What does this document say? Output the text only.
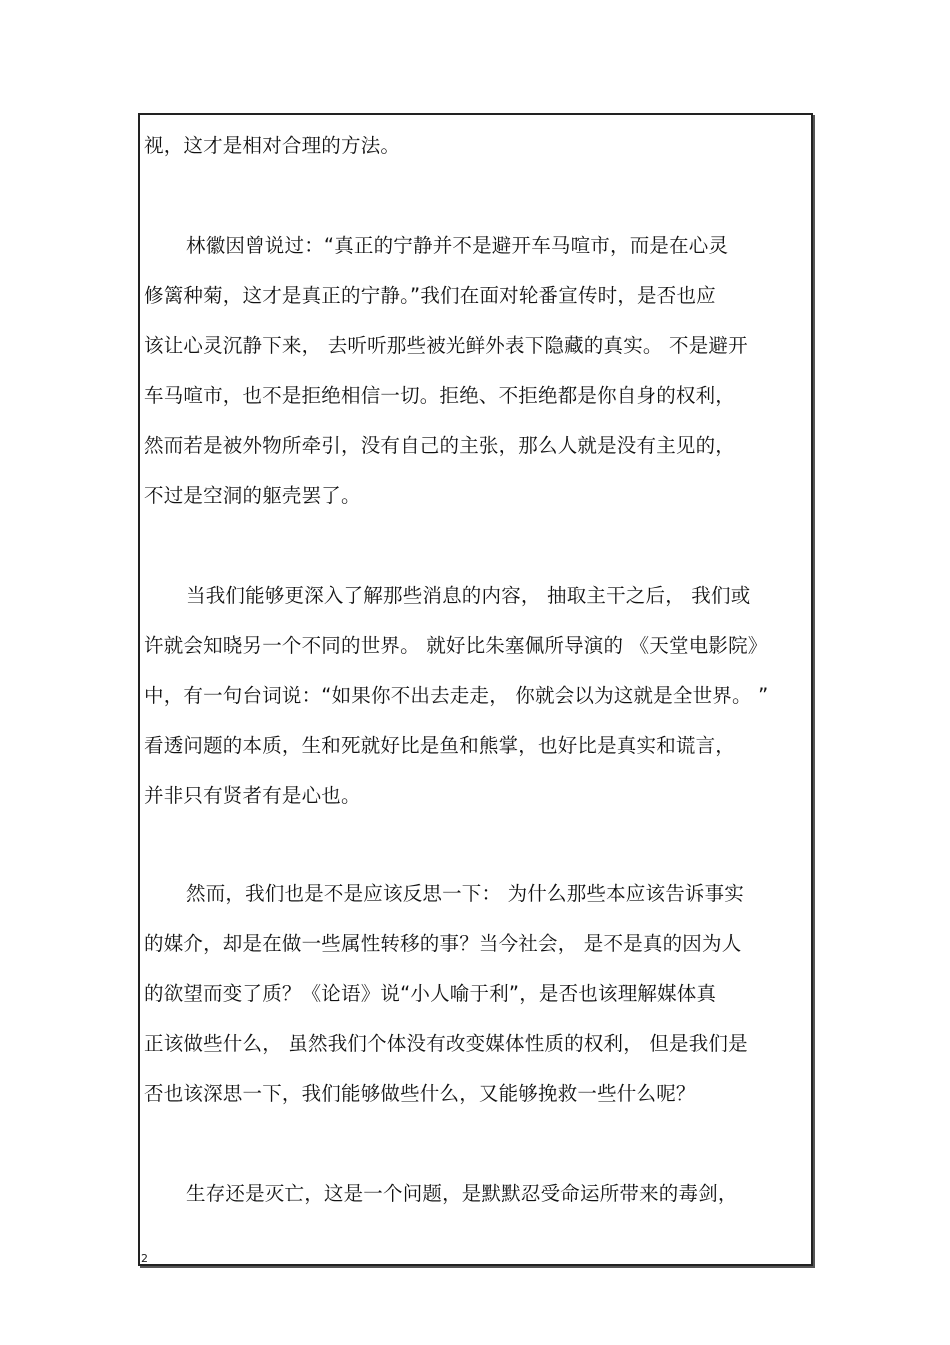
视，这才是相对合理的方法。
林徽因曾说过：“真正的宁静并不是避开车马喧市，而是在心灵
修篱种菊，这才是真正的宁静。”我们在面对轮番宣传时，是否也应
该让心灵沉静下来， 去听听那些被光鲜外表下隐藏的真实。 不是避开
车马喧市，也不是拒绝相信一切。拒绝、不拒绝都是你自身的权利，
然而若是被外物所牵引，没有自己的主张，那么人就是没有主见的，
不过是空洞的躯壳罢了。
当我们能够更深入了解那些消息的内容， 抽取主干之后， 我们或
许就会知晓另一个不同的世界。 就好比朱塞佩所导演的 《天堂电影院》
中，有一句台词说：“如果你不出去走走， 你就会以为这就是全世界。 ”
看透问题的本质，生和死就好比是鱼和熊掌，也好比是真实和谎言，
并非只有贤者有是心也。
然而，我们也是不是应该反思一下： 为什么那些本应该告诉事实
的媒介，却是在做一些属性转移的事？当今社会， 是不是真的因为人
的欲望而变了质？《论语》说“小人喻于利”，是否也该理解媒体真
正该做些什么， 虽然我们个体没有改变媒体性质的权利， 但是我们是
否也该深思一下，我们能够做些什么，又能够挽救一些什么呢？
生存还是灭亡，这是一个问题，是默默忍受命运所带来的毒剑，
2
